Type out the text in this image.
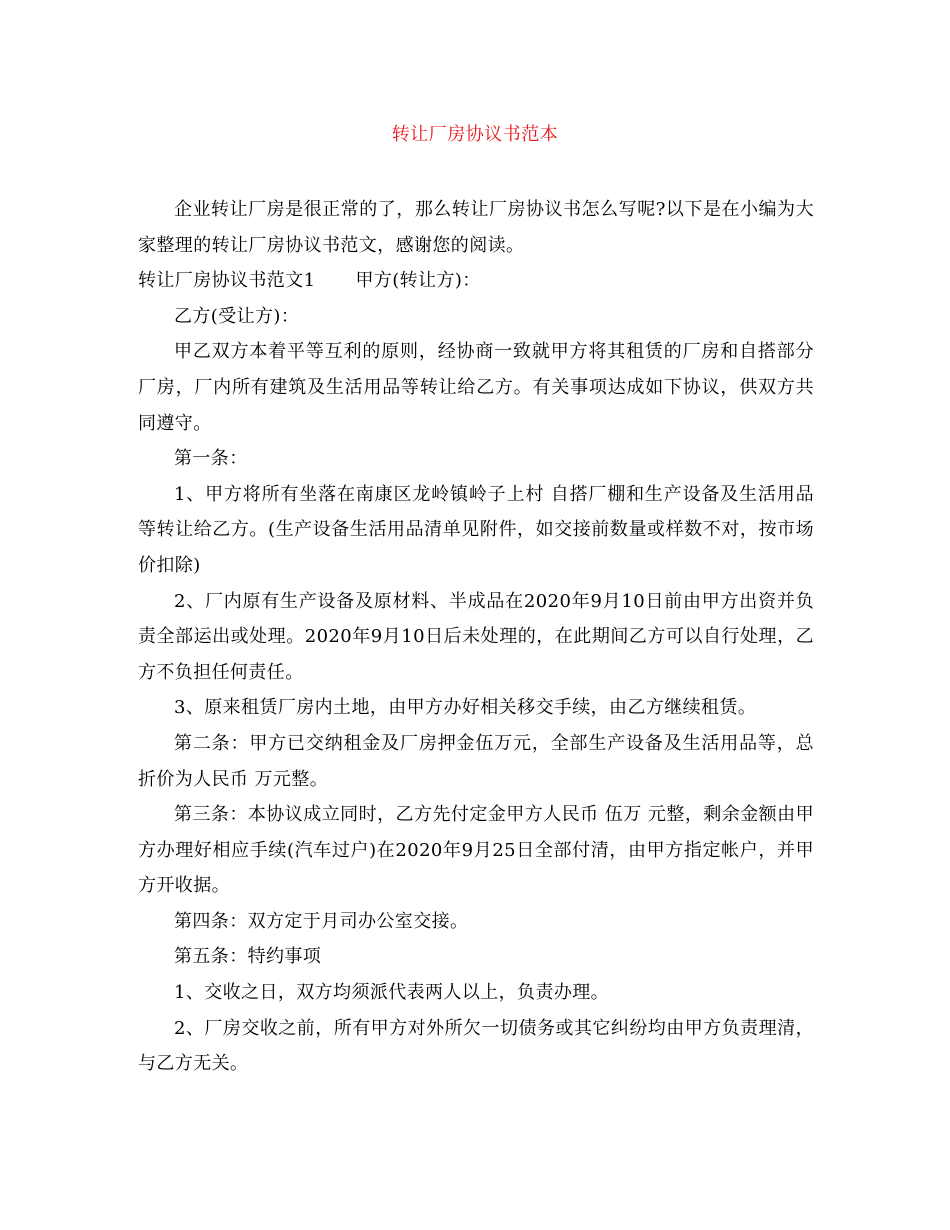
转让厂房协议书范本

企业转让厂房是很正常的了，那么转让厂房协议书怎么写呢?以下是在小编为大家整理的转让厂房协议书范文，感谢您的阅读。

转让厂房协议书范文1 甲方(转让方)：

乙方(受让方)：

甲乙双方本着平等互利的原则，经协商一致就甲方将其租赁的厂房和自搭部分厂房，厂内所有建筑及生活用品等转让给乙方。有关事项达成如下协议，供双方共同遵守。

第一条：

1、甲方将所有坐落在南康区龙岭镇岭子上村 自搭厂棚和生产设备及生活用品等转让给乙方。(生产设备生活用品清单见附件，如交接前数量或样数不对，按市场价扣除)

2、厂内原有生产设备及原材料、半成品在2020年9月10日前由甲方出资并负责全部运出或处理。2020年9月10日后未处理的，在此期间乙方可以自行处理，乙方不负担任何责任。

3、原来租赁厂房内土地，由甲方办好相关移交手续，由乙方继续租赁。

第二条：甲方已交纳租金及厂房押金伍万元，全部生产设备及生活用品等，总折价为人民币 万元整。

第三条：本协议成立同时，乙方先付定金甲方人民币 伍万 元整，剩余金额由甲方办理好相应手续(汽车过户)在2020年9月25日全部付清，由甲方指定帐户，并甲方开收据。

第四条：双方定于月司办公室交接。

第五条：特约事项

1、交收之日，双方均须派代表两人以上，负责办理。

2、厂房交收之前，所有甲方对外所欠一切债务或其它纠纷均由甲方负责理清，与乙方无关。
